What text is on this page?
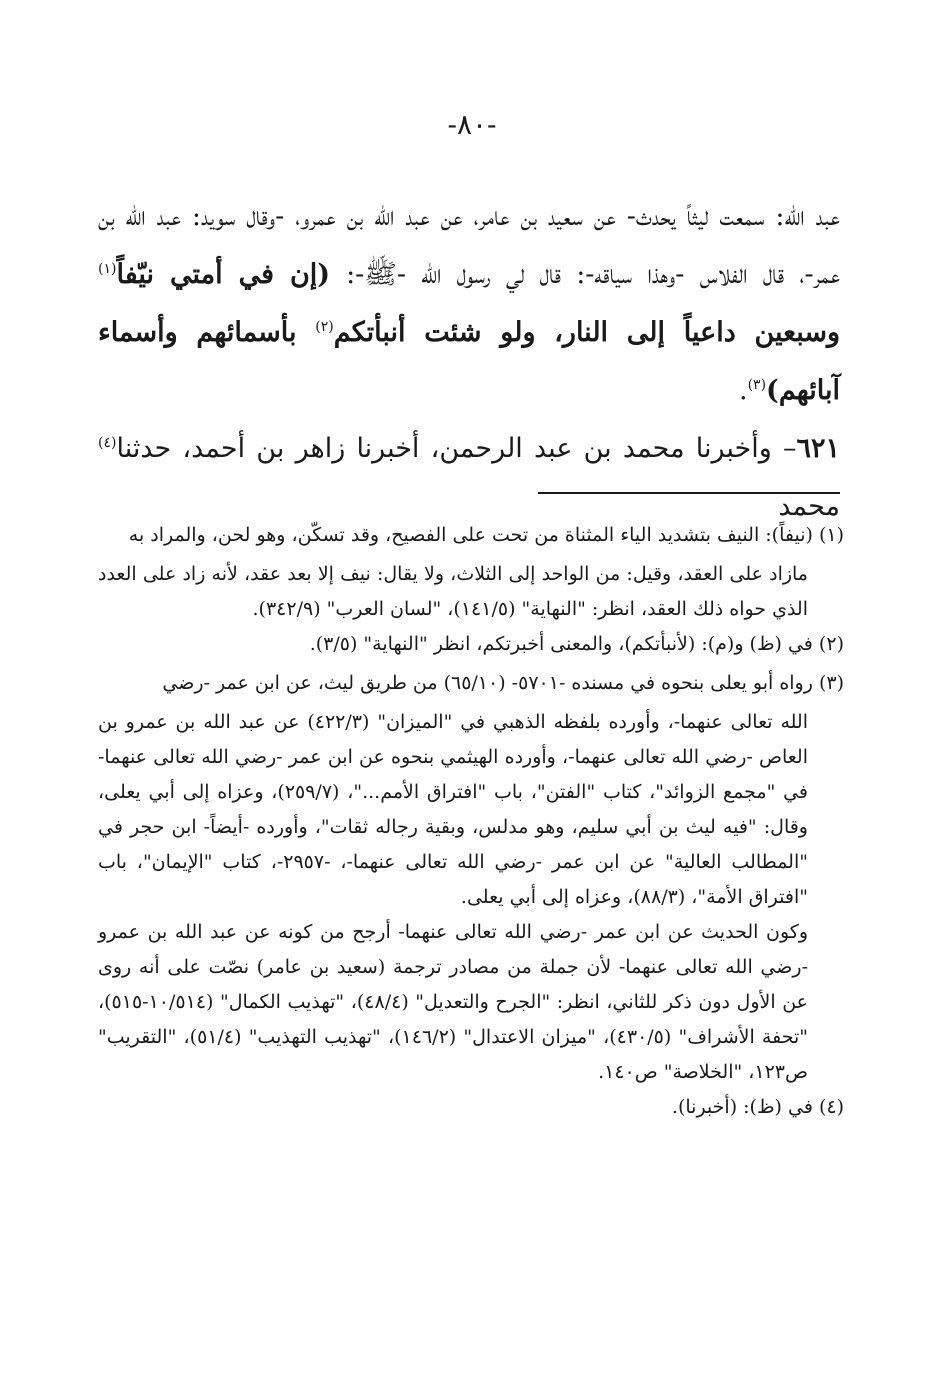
-٨٠-

عبد الله: سمعت ليثاً يحدث- عن سعيد بن عامر، عن عبد الله بن عمرو، -وقال سويد: عبد الله بن عمر-، قال الفلاس -وهذا سياقه-: قال لي رسول الله -ﷺ-: (إن في أمتي نيّفاً$^{(١)}$ وسبعين داعياً إلى النار، ولو شئت أنبأتكم$^{(٢)}$ بأسمائهم وأسماء آبائهم)$^{(٣)}$.

٦٢١– وأخبرنا محمد بن عبد الرحمن، أخبرنا زاهر بن أحمد، حدثنا$^{(٤)}$ محمد

(١) (نيفاً): النيف بتشديد الياء المثناة من تحت على الفصيح، وقد تسكّن، وهو لحن، والمراد به

مازاد على العقد، وقيل: من الواحد إلى الثلاث، ولا يقال: نيف إلا بعد عقد، لأنه زاد على العدد الذي حواه ذلك العقد، انظر: "النهاية" (١٤١/٥)، "لسان العرب" (٣٤٢/٩).

(٢) في (ظ) و(م): (لأنبأتكم)، والمعنى أخبرتكم، انظر "النهاية" (٣/٥).

(٣) رواه أبو يعلى بنحوه في مسنده -٥٧٠١- (٦٥/١٠) من طريق ليث، عن ابن عمر -رضي

الله تعالى عنهما-، وأورده بلفظه الذهبي في "الميزان" (٤٢٢/٣) عن عبد الله بن عمرو بن العاص -رضي الله تعالى عنهما-، وأورده الهيثمي بنحوه عن ابن عمر -رضي الله تعالى عنهما- في "مجمع الزوائد"، كتاب "الفتن"، باب "افتراق الأمم..."، (٢٥٩/٧)، وعزاه إلى أبي يعلى، وقال: "فيه ليث بن أبي سليم، وهو مدلس، وبقية رجاله ثقات"، وأورده -أيضاً- ابن حجر في "المطالب العالية" عن ابن عمر -رضي الله تعالى عنهما-، -٢٩٥٧-، كتاب "الإيمان"، باب "افتراق الأمة"، (٨٨/٣)، وعزاه إلى أبي يعلى.

وكون الحديث عن ابن عمر -رضي الله تعالى عنهما- أرجح من كونه عن عبد الله بن عمرو -رضي الله تعالى عنهما- لأن جملة من مصادر ترجمة (سعيد بن عامر) نصّت على أنه روى عن الأول دون ذكر للثاني، انظر: "الجرح والتعديل" (٤٨/٤)، "تهذيب الكمال" (١٠/٥١٤-٥١٥)، "تحفة الأشراف" (٤٣٠/٥)، "ميزان الاعتدال" (١٤٦/٢)، "تهذيب التهذيب" (٥١/٤)، "التقريب" ص١٢٣، "الخلاصة" ص١٤٠.

(٤) في (ظ): (أخبرنا).
